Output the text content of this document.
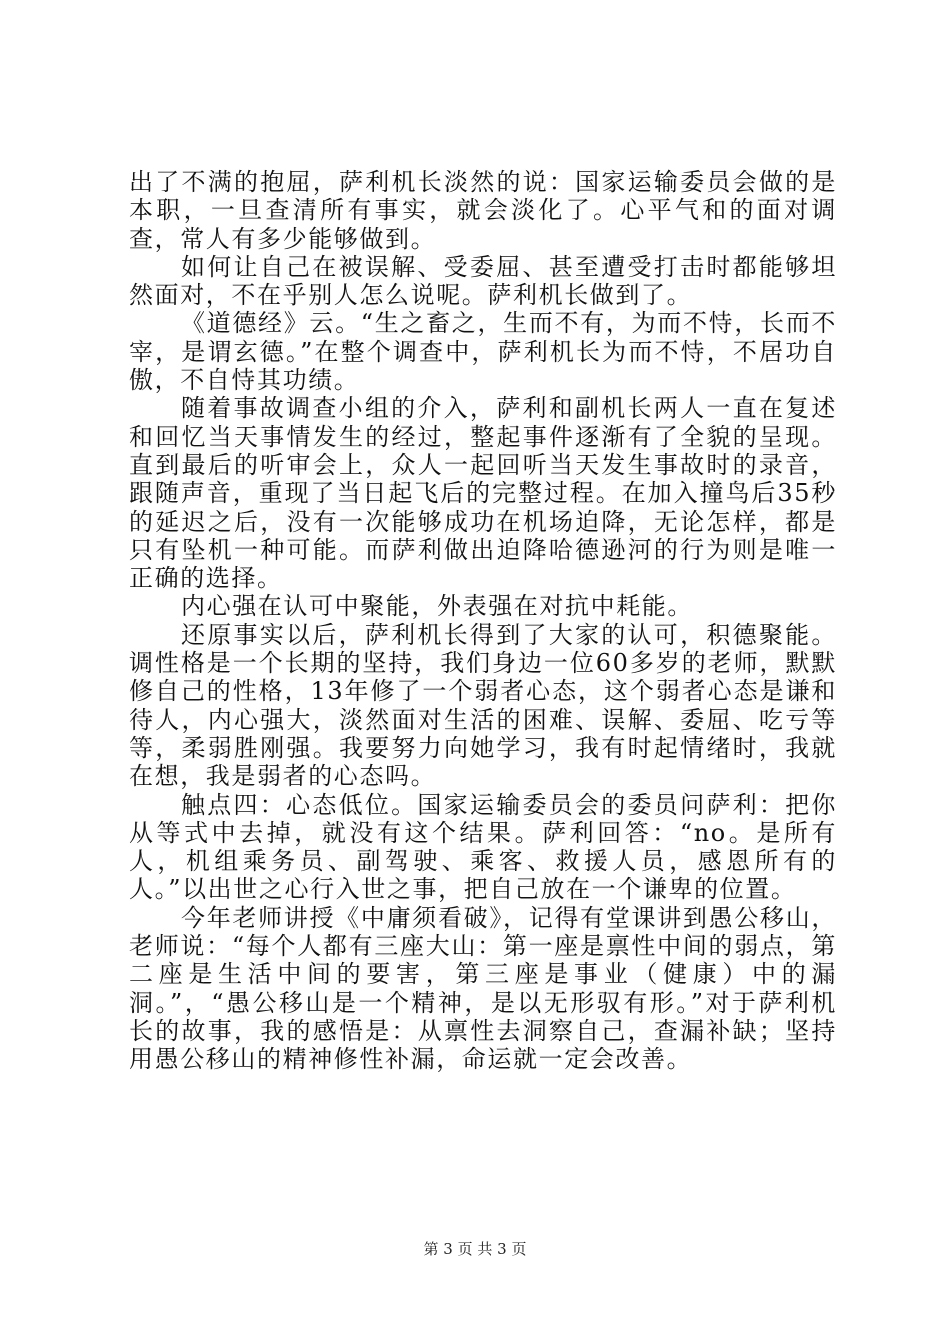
出了不满的抱屈，萨利机长淡然的说：国家运输委员会做的是本职，一旦查清所有事实，就会淡化了。心平气和的面对调查，常人有多少能够做到。

如何让自己在被误解、受委屈、甚至遭受打击时都能够坦然面对，不在乎别人怎么说呢。萨利机长做到了。

《道德经》云。“生之畜之，生而不有，为而不恃，长而不宰，是谓玄德。”在整个调查中，萨利机长为而不恃，不居功自傲，不自恃其功绩。

随着事故调查小组的介入，萨利和副机长两人一直在复述和回忆当天事情发生的经过，整起事件逐渐有了全貌的呈现。直到最后的听审会上，众人一起回听当天发生事故时的录音，跟随声音，重现了当日起飞后的完整过程。在加入撞鸟后35秒的延迟之后，没有一次能够成功在机场迫降，无论怎样，都是只有坠机一种可能。而萨利做出迫降哈德逊河的行为则是唯一正确的选择。

内心强在认可中聚能，外表强在对抗中耗能。

还原事实以后，萨利机长得到了大家的认可，积德聚能。调性格是一个长期的坚持，我们身边一位60多岁的老师，默默修自己的性格，13年修了一个弱者心态，这个弱者心态是谦和待人，内心强大，淡然面对生活的困难、误解、委屈、吃亏等等，柔弱胜刚强。我要努力向她学习，我有时起情绪时，我就在想，我是弱者的心态吗。

触点四：心态低位。国家运输委员会的委员问萨利：把你从等式中去掉，就没有这个结果。萨利回答：“no。是所有人，机组乘务员、副驾驶、乘客、救援人员，感恩所有的人。”以出世之心行入世之事，把自己放在一个谦卑的位置。

今年老师讲授《中庸须看破》，记得有堂课讲到愚公移山，老师说：“每个人都有三座大山：第一座是禀性中间的弱点，第二座是生活中间的要害，第三座是事业（健康）中的漏洞。”，“愚公移山是一个精神，是以无形驭有形。”对于萨利机长的故事，我的感悟是：从禀性去洞察自己，查漏补缺；坚持用愚公移山的精神修性补漏，命运就一定会改善。

第 3 页 共 3 页
